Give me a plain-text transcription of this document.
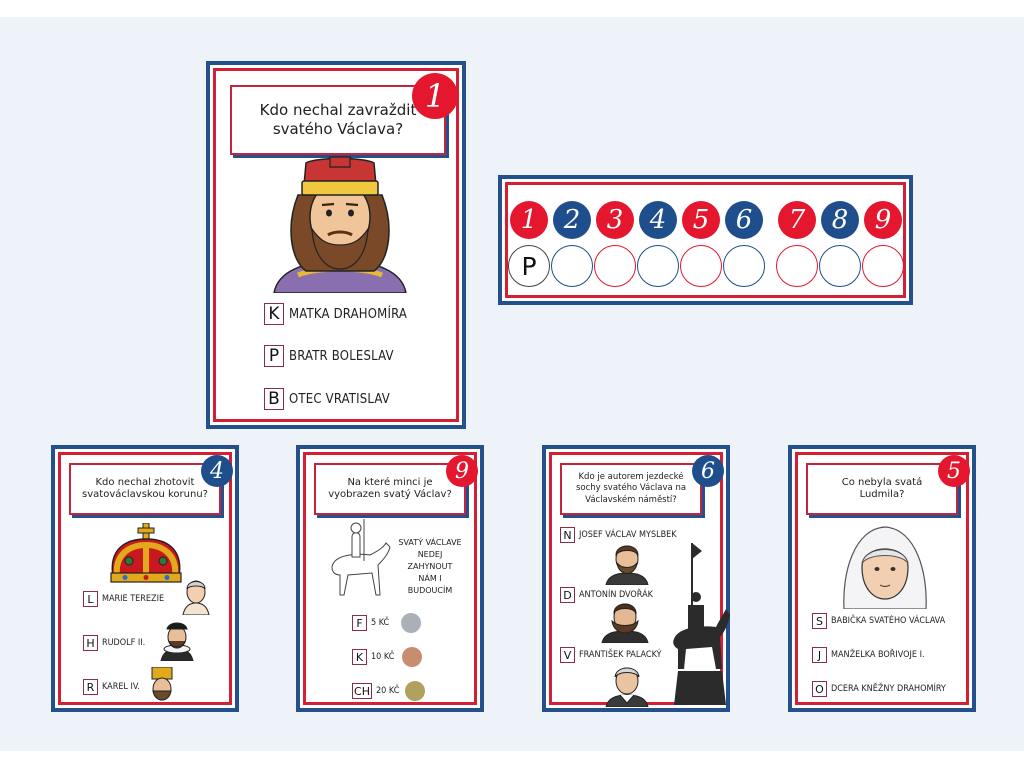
Kdo nechal zavraždit svatého Václava?
1
K MATKA DRAHOMÍRA
P BRATR BOLESLAV
B OTEC VRATISLAV
1 2 3 4 5 6 7 8 9
P
Kdo nechal zhotovit svatováclavskou korunu?
4
L MARIE TEREZIE
H RUDOLF II.
R KAREL IV.
Na které minci je vyobrazen svatý Václav?
9
SVATÝ VÁCLAVE
NEDEJ
ZAHYNOUT
NÁM I
BUDOUCÍM
F 5 KČ
K 10 KČ
CH 20 KČ
Kdo je autorem jezdecké sochy svatého Václava na Václavském náměstí?
6
N JOSEF VÁCLAV MYSLBEK
D ANTONÍN DVOŘÁK
V FRANTIŠEK PALACKÝ
Co nebyla svatá Ludmila?
5
S BABIČKA SVATÉHO VÁCLAVA
J	MANŽELKA BOŘIVOJE I.
O DCERA KNĚŽNY DRAHOMÍRY
